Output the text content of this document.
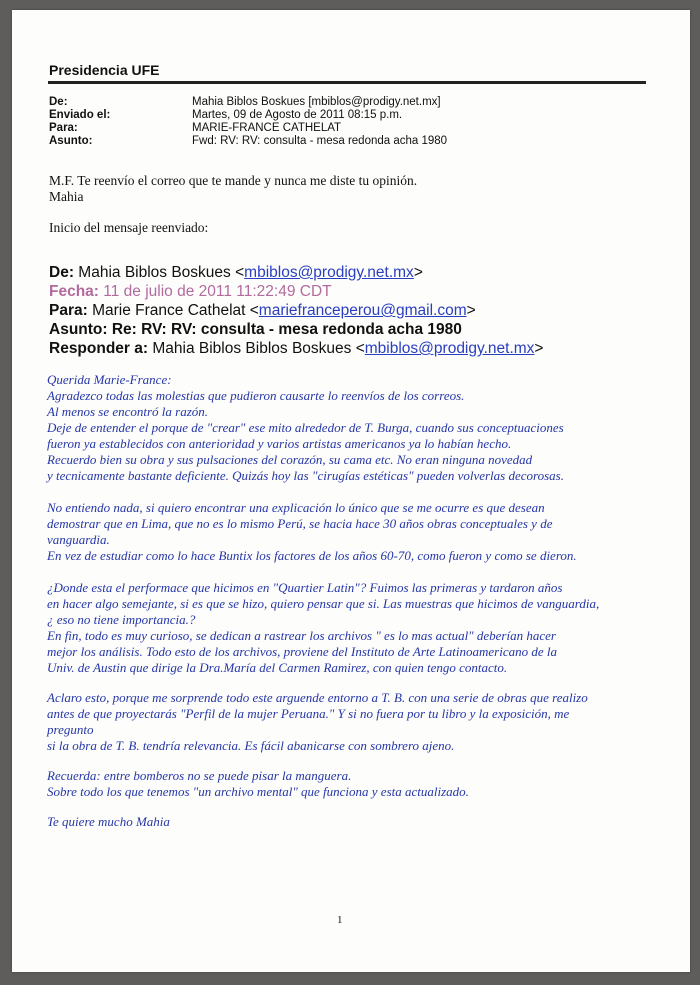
Presidencia UFE
De:	Mahia Biblos Boskues [mbiblos@prodigy.net.mx]
Enviado el:	Martes, 09 de Agosto de 2011 08:15 p.m.
Para:	MARIE-FRANCE CATHELAT
Asunto:	Fwd: RV: RV: consulta - mesa redonda acha 1980
M.F. Te reenvío el correo que te mande y nunca me diste tu opinión.
Mahia
Inicio del mensaje reenviado:
De: Mahia Biblos Boskues <mbiblos@prodigy.net.mx>
Fecha: 11 de julio de 2011 11:22:49 CDT
Para: Marie France Cathelat <mariefranceperou@gmail.com>
Asunto: Re: RV: RV: consulta - mesa redonda acha 1980
Responder a: Mahia Biblos Biblos Boskues <mbiblos@prodigy.net.mx>
Querida Marie-France:
Agradezco todas las molestias que pudieron causarte lo reenvíos de los correos.
Al menos se encontró la razón.
Deje de entender el porque de "crear" ese mito alrededor de T. Burga, cuando sus conceptuaciones
fueron ya establecidos con anterioridad y varios artistas americanos ya lo habían hecho.
Recuerdo bien su obra y sus pulsaciones del corazón, su cama etc. No eran ninguna novedad
y tecnicamente bastante deficiente. Quizás hoy las "cirugías estéticas" pueden volverlas decorosas.
No entiendo nada, si quiero encontrar una explicación lo único que se me ocurre es que desean
demostrar que en Lima, que no es lo mismo Perú, se hacia hace 30 años obras conceptuales y de
vanguardia.
En vez de estudiar como lo hace Buntix los factores de los años 60-70, como fueron y como se dieron.
¿Donde esta el performace que hicimos en "Quartier Latin"? Fuimos las primeras y tardaron años
en hacer algo semejante, si es que se hizo, quiero pensar que si. Las muestras que hicimos de vanguardia,
¿ eso no tiene importancia.?
En fin, todo es muy curioso, se dedican a rastrear los archivos " es lo mas actual" deberían hacer
mejor los análisis. Todo esto de los archivos, proviene del Instituto de Arte Latinoamericano de la
Univ. de Austin que dirige la Dra.María del Carmen Ramirez, con quien tengo contacto.
Aclaro esto, porque me sorprende todo este arguende entorno a T. B. con una serie de obras que realizo
antes de que proyectarás "Perfil de la mujer Peruana." Y si no fuera por tu libro y la exposición, me
pregunto
si la obra de T. B. tendría relevancia. Es fácil abanicarse con sombrero ajeno.
Recuerda: entre bomberos no se puede pisar la manguera.
Sobre todo los que tenemos "un archivo mental" que funciona y esta actualizado.
Te quiere mucho Mahia
1
